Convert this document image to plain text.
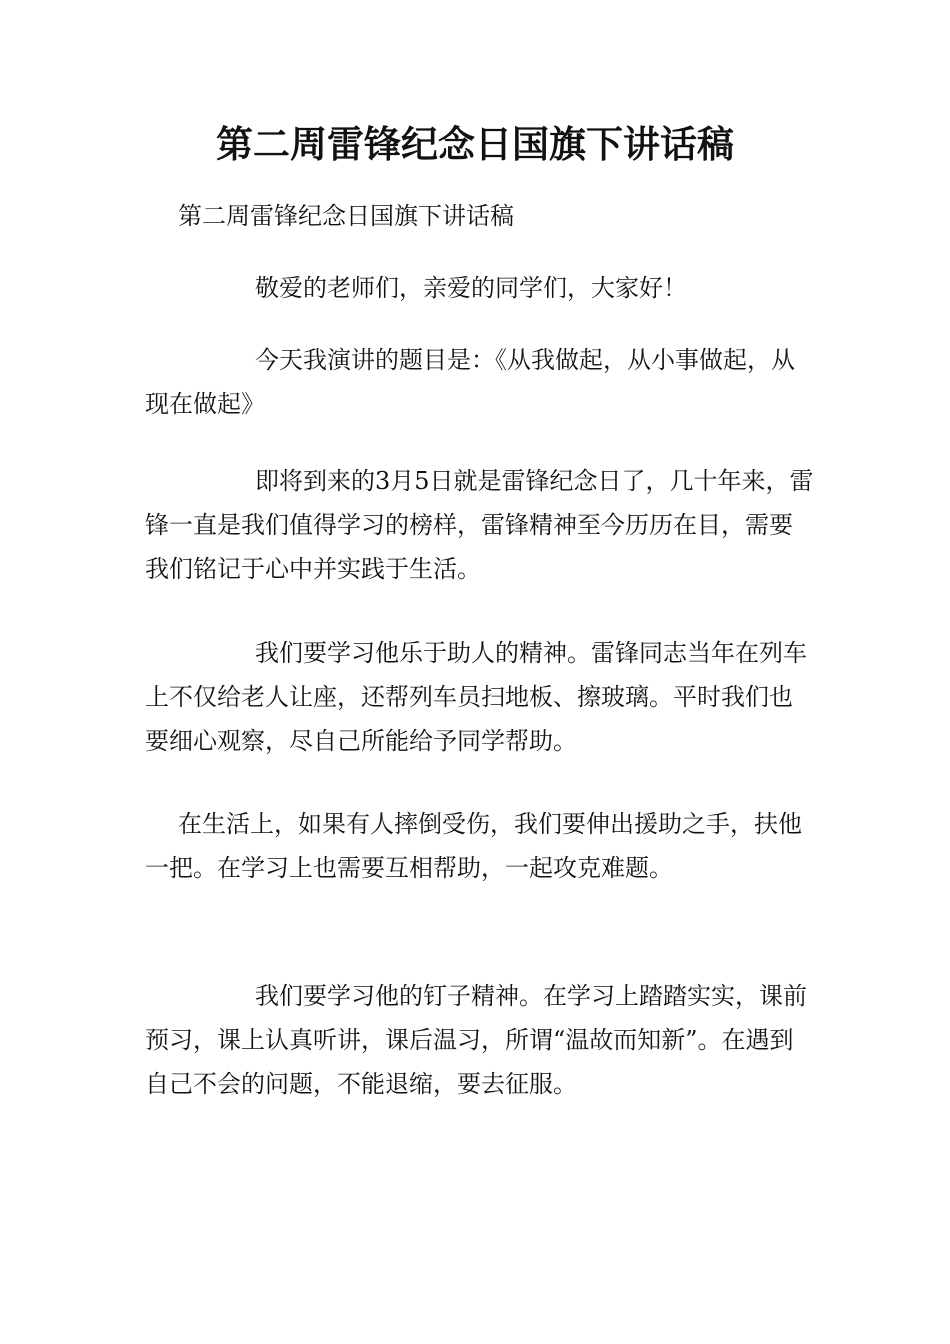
第二周雷锋纪念日国旗下讲话稿

第二周雷锋纪念日国旗下讲话稿

敬爱的老师们，亲爱的同学们，大家好！

今天我演讲的题目是：《从我做起，从小事做起，从现在做起》

即将到来的3月5日就是雷锋纪念日了，几十年来，雷锋一直是我们值得学习的榜样，雷锋精神至今历历在目，需要我们铭记于心中并实践于生活。

我们要学习他乐于助人的精神。雷锋同志当年在列车上不仅给老人让座，还帮列车员扫地板、擦玻璃。平时我们也要细心观察，尽自己所能给予同学帮助。

在生活上，如果有人摔倒受伤，我们要伸出援助之手，扶他一把。在学习上也需要互相帮助，一起攻克难题。

我们要学习他的钉子精神。在学习上踏踏实实，课前预习，课上认真听讲，课后温习，所谓“温故而知新”。在遇到自己不会的问题，不能退缩，要去征服。
